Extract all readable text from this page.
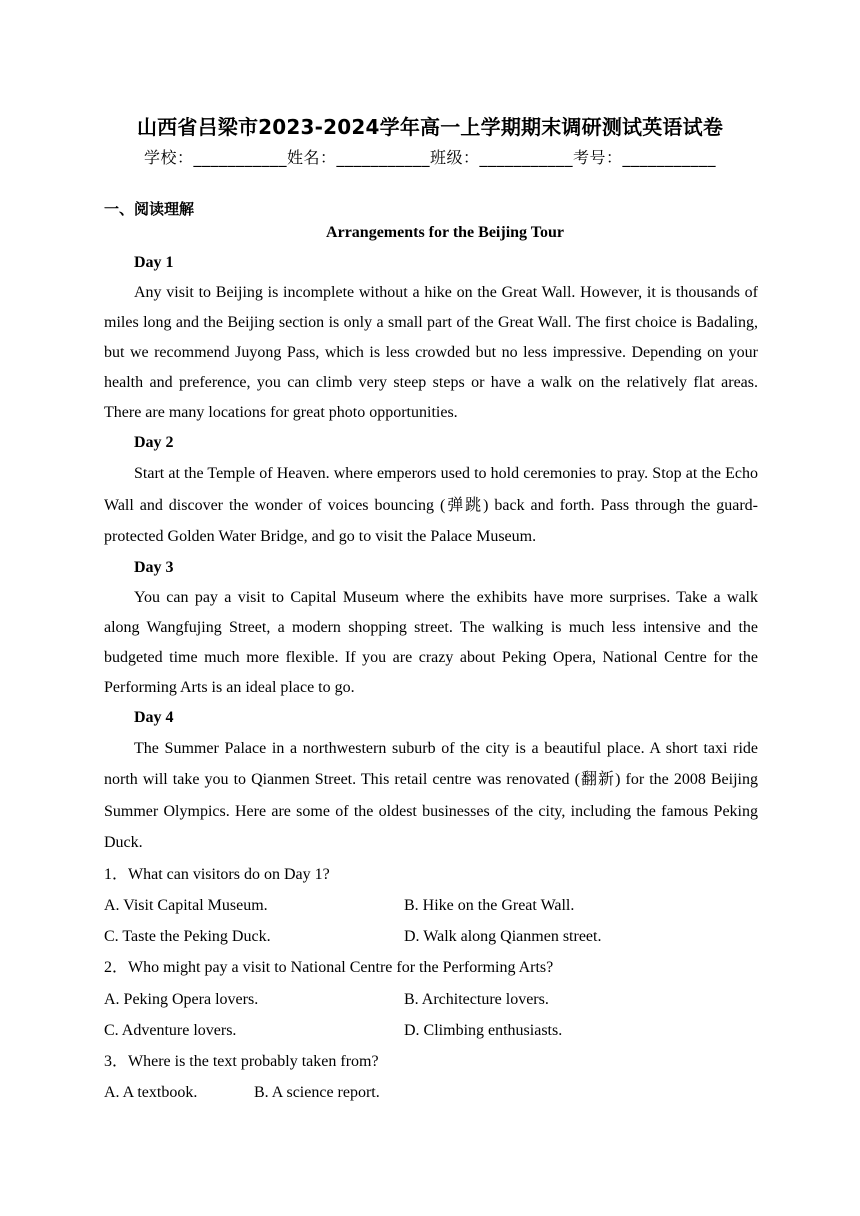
山西省吕梁市2023-2024学年高一上学期期末调研测试英语试卷
学校：___________姓名：___________班级：___________考号：___________
一、阅读理解
Arrangements for the Beijing Tour
Day 1
Any visit to Beijing is incomplete without a hike on the Great Wall. However, it is thousands of miles long and the Beijing section is only a small part of the Great Wall. The first choice is Badaling, but we recommend Juyong Pass, which is less crowded but no less impressive. Depending on your health and preference, you can climb very steep steps or have a walk on the relatively flat areas. There are many locations for great photo opportunities.
Day 2
Start at the Temple of Heaven. where emperors used to hold ceremonies to pray. Stop at the Echo Wall and discover the wonder of voices bouncing (弹跳) back and forth. Pass through the guard-protected Golden Water Bridge, and go to visit the Palace Museum.
Day 3
You can pay a visit to Capital Museum where the exhibits have more surprises. Take a walk along Wangfujing Street, a modern shopping street. The walking is much less intensive and the budgeted time much more flexible. If you are crazy about Peking Opera, National Centre for the Performing Arts is an ideal place to go.
Day 4
The Summer Palace in a northwestern suburb of the city is a beautiful place. A short taxi ride north will take you to Qianmen Street. This retail centre was renovated (翻新) for the 2008 Beijing Summer Olympics. Here are some of the oldest businesses of the city, including the famous Peking Duck.
1．What can visitors do on Day 1?
A. Visit Capital Museum.	B. Hike on the Great Wall.
C. Taste the Peking Duck.	D. Walk along Qianmen street.
2．Who might pay a visit to National Centre for the Performing Arts?
A. Peking Opera lovers.	B. Architecture lovers.
C. Adventure lovers.	D. Climbing enthusiasts.
3．Where is the text probably taken from?
A. A textbook.	B. A science report.
